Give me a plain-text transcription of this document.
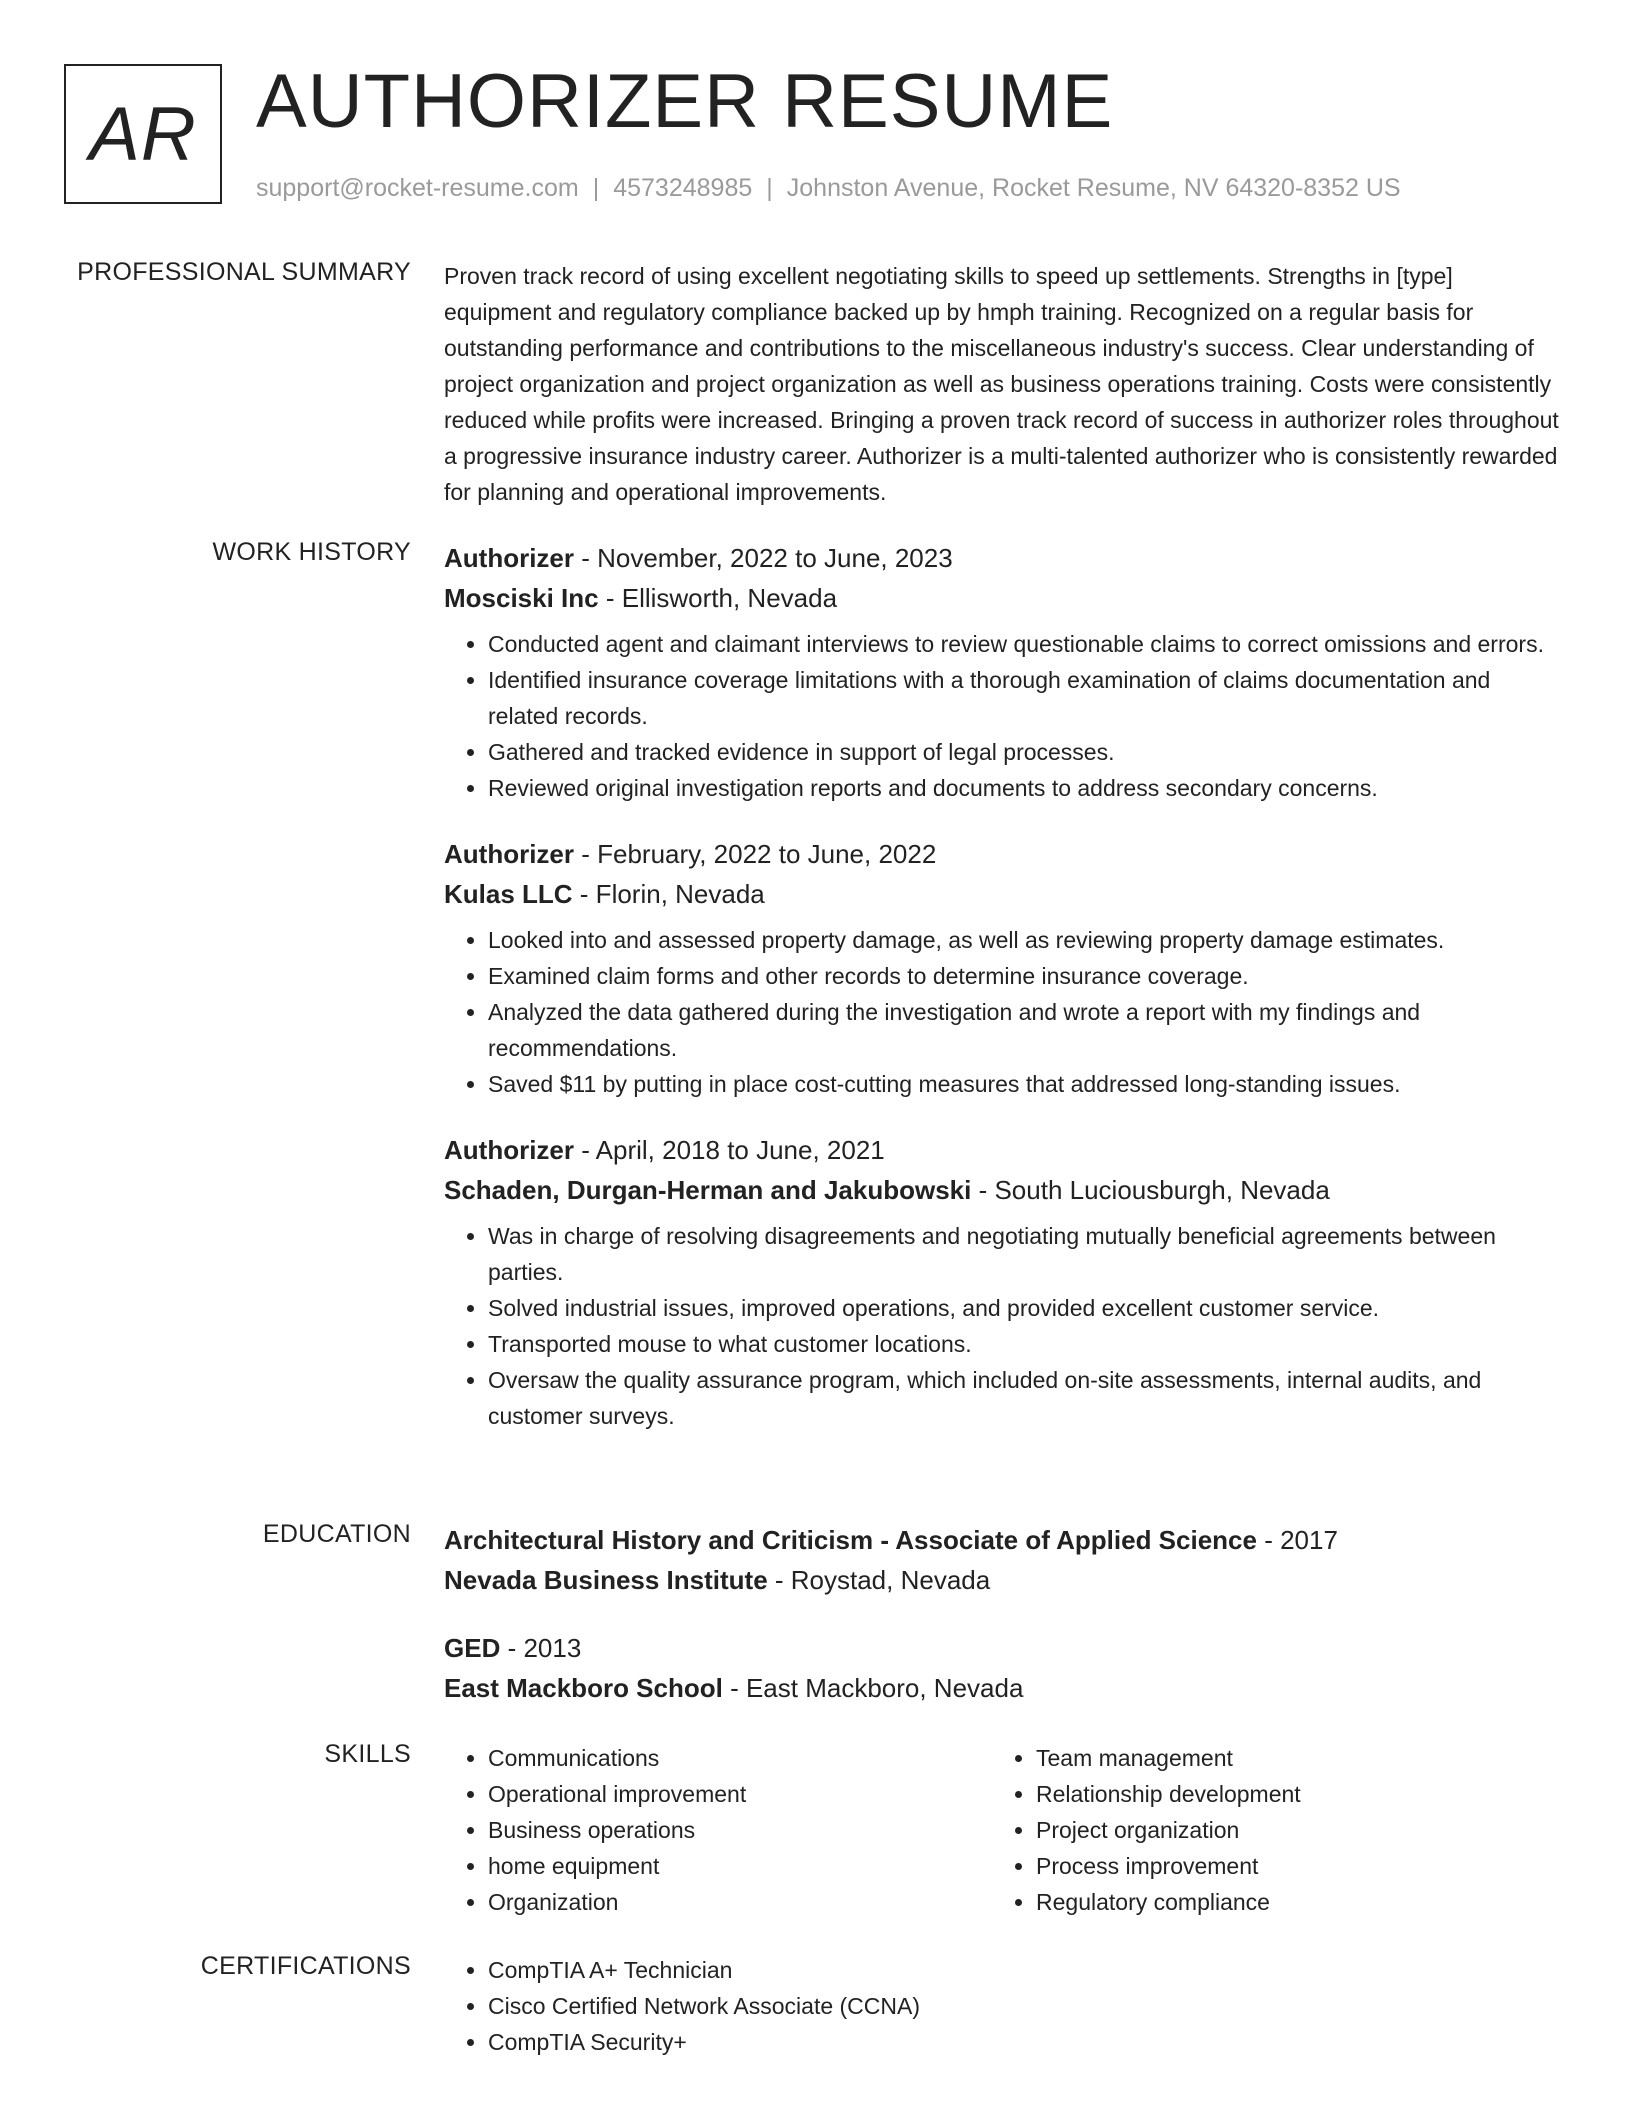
AR AUTHORIZER RESUME
support@rocket-resume.com | 4573248985 | Johnston Avenue, Rocket Resume, NV 64320-8352 US
PROFESSIONAL SUMMARY Proven track record of using excellent negotiating skills to speed up settlements. Strengths in [type] equipment and regulatory compliance backed up by hmph training. Recognized on a regular basis for outstanding performance and contributions to the miscellaneous industry's success. Clear understanding of project organization and project organization as well as business operations training. Costs were consistently reduced while profits were increased. Bringing a proven track record of success in authorizer roles throughout a progressive insurance industry career. Authorizer is a multi-talented authorizer who is consistently rewarded for planning and operational improvements.

WORK HISTORY Authorizer - November, 2022 to June, 2023
Mosciski Inc - Ellisworth, Nevada
• Conducted agent and claimant interviews to review questionable claims to correct omissions and errors.
• Identified insurance coverage limitations with a thorough examination of claims documentation and related records.
• Gathered and tracked evidence in support of legal processes.
• Reviewed original investigation reports and documents to address secondary concerns.
Authorizer - February, 2022 to June, 2022
Kulas LLC - Florin, Nevada
• Looked into and assessed property damage, as well as reviewing property damage estimates.
• Examined claim forms and other records to determine insurance coverage.
• Analyzed the data gathered during the investigation and wrote a report with my findings and recommendations.
• Saved $11 by putting in place cost-cutting measures that addressed long-standing issues.
Authorizer - April, 2018 to June, 2021
Schaden, Durgan-Herman and Jakubowski - South Luciousburgh, Nevada
• Was in charge of resolving disagreements and negotiating mutually beneficial agreements between parties.
• Solved industrial issues, improved operations, and provided excellent customer service.
• Transported mouse to what customer locations.
• Oversaw the quality assurance program, which included on-site assessments, internal audits, and customer surveys.
EDUCATION Architectural History and Criticism - Associate of Applied Science - 2017
Nevada Business Institute - Roystad, Nevada
GED - 2013
East Mackboro School - East Mackboro, Nevada
SKILLS	• Communications
• Operational improvement
• Business operations
• home equipment
• Organization
• Team management
• Relationship development
• Project organization
• Process improvement
• Regulatory compliance
CERTIFICATIONS	• CompTIA A+ Technician
• Cisco Certified Network Associate (CCNA)
• CompTIA Security+
